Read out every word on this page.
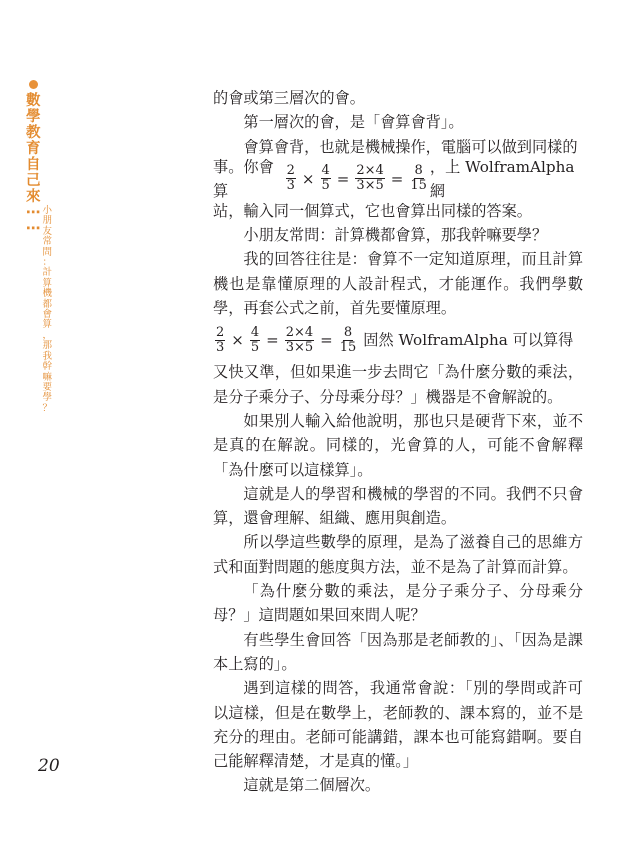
數
學
教
育
自
己
來
⋯
⋯
小
朋
友
常
問
：
計
算
機
都
會
算
，
那
我
幹
嘛
要
學
？
20

的會或第三層次的會。

第一層次的會，是「會算會背」。

會算會背，也就是機械操作，電腦可以做到同樣的

事。你會算	$\frac{2}{3} \times \frac{4}{5} = \frac{2\times 4}{3\times 5} = \frac{8}{15}$ ，上 WolframAlpha 網

站，輸入同一個算式，它也會算出同樣的答案。

小朋友常問：計算機都會算，那我幹嘛要學？

我的回答往往是：會算不一定知道原理，而且計算機也是靠懂原理的人設計程式，才能運作。我們學數學，再套公式之前，首先要懂原理。

$\frac{2}{3} \times \frac{4}{5} = \frac{2\times 4}{3\times 5} = \frac{8}{15}$ 固然 WolframAlpha 可以算得

又快又準，但如果進一步去問它「為什麼分數的乘法，是分子乘分子、分母乘分母？」機器是不會解說的。

如果別人輸入給他說明，那也只是硬背下來，並不是真的在解說。同樣的，光會算的人，可能不會解釋「為什麼可以這樣算」。

這就是人的學習和機械的學習的不同。我們不只會算，還會理解、組織、應用與創造。

所以學這些數學的原理，是為了滋養自己的思維方式和面對問題的態度與方法，並不是為了計算而計算。

「為什麼分數的乘法，是分子乘分子、分母乘分母？」這問題如果回來問人呢？

有些學生會回答「因為那是老師教的」、「因為是課本上寫的」。

遇到這樣的問答，我通常會說：「別的學問或許可以這樣，但是在數學上，老師教的、課本寫的，並不是充分的理由。老師可能講錯，課本也可能寫錯啊。要自己能解釋清楚，才是真的懂。」

這就是第二個層次。
